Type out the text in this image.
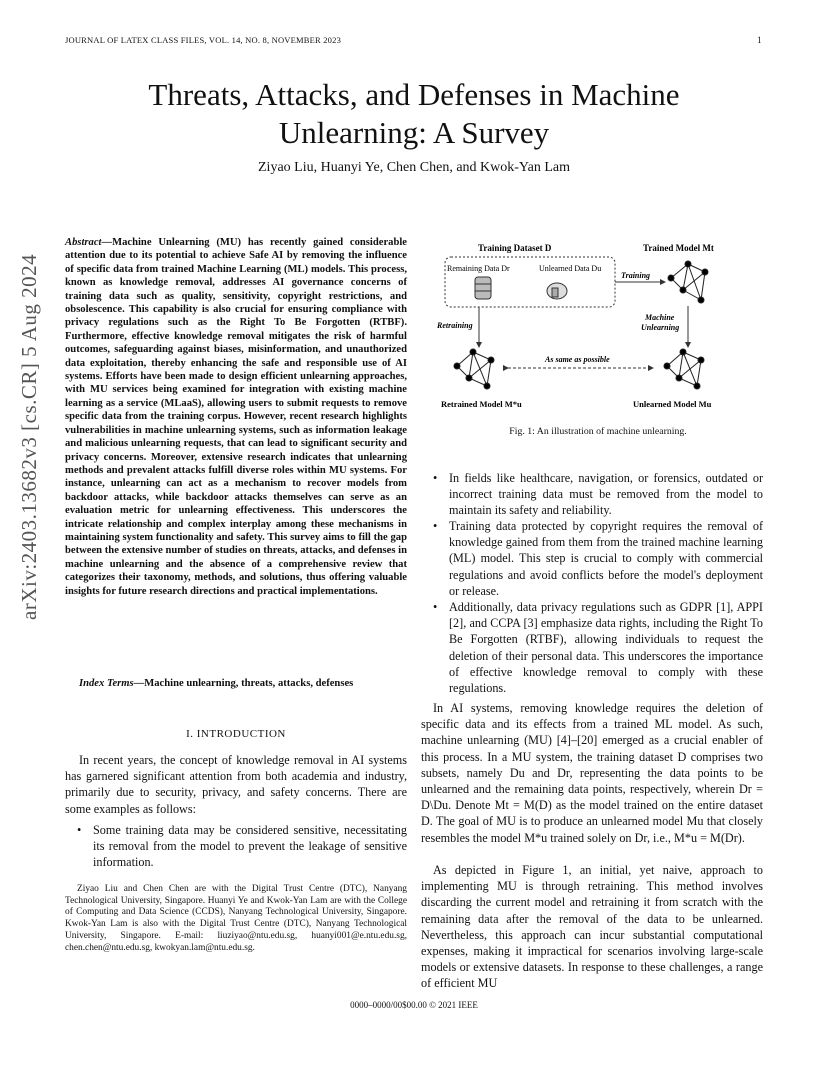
JOURNAL OF LATEX CLASS FILES, VOL. 14, NO. 8, NOVEMBER 2023	1
Threats, Attacks, and Defenses in Machine
Unlearning: A Survey
Ziyao Liu, Huanyi Ye, Chen Chen, and Kwok-Yan Lam
arXiv:2403.13682v3 [cs.CR] 5 Aug 2024
Abstract—Machine Unlearning (MU) has recently gained considerable attention due to its potential to achieve Safe AI by removing the influence of specific data from trained Machine Learning (ML) models. This process, known as knowledge removal, addresses AI governance concerns of training data such as quality, sensitivity, copyright restrictions, and obsolescence. This capability is also crucial for ensuring compliance with privacy regulations such as the Right To Be Forgotten (RTBF). Furthermore, effective knowledge removal mitigates the risk of harmful outcomes, safeguarding against biases, misinformation, and unauthorized data exploitation, thereby enhancing the safe and responsible use of AI systems. Efforts have been made to design efficient unlearning approaches, with MU services being examined for integration with existing machine learning as a service (MLaaS), allowing users to submit requests to remove specific data from the training corpus. However, recent research highlights vulnerabilities in machine unlearning systems, such as information leakage and malicious unlearning requests, that can lead to significant security and privacy concerns. Moreover, extensive research indicates that unlearning methods and prevalent attacks fulfill diverse roles within MU systems. For instance, unlearning can act as a mechanism to recover models from backdoor attacks, while backdoor attacks themselves can serve as an evaluation metric for unlearning effectiveness. This underscores the intricate relationship and complex interplay among these mechanisms in maintaining system functionality and safety. This survey aims to fill the gap between the extensive number of studies on threats, attacks, and defenses in machine unlearning and the absence of a comprehensive review that categorizes their taxonomy, methods, and solutions, thus offering valuable insights for future research directions and practical implementations.
Index Terms—Machine unlearning, threats, attacks, defenses
I. INTRODUCTION
In recent years, the concept of knowledge removal in AI systems has garnered significant attention from both academia and industry, primarily due to security, privacy, and safety concerns. There are some examples as follows:
• Some training data may be considered sensitive, necessitating its removal from the model to prevent the leakage of sensitive information.
Ziyao Liu and Chen Chen are with the Digital Trust Centre (DTC), Nanyang Technological University, Singapore. Huanyi Ye and Kwok-Yan Lam are with the College of Computing and Data Science (CCDS), Nanyang Technological University, Singapore. Kwok-Yan Lam is also with the Digital Trust Centre (DTC), Nanyang Technological University, Singapore. E-mail: liuziyao@ntu.edu.sg, huanyi001@e.ntu.edu.sg, chen.chen@ntu.edu.sg, kwokyan.lam@ntu.edu.sg.
Training Dataset D	Trained Model Mt
Remaining Data Dr	Unlearned Data Du
Training
Retraining
Machine
Unlearning
As same as possible
Retrained Model M*u	Unlearned Model Mu
Fig. 1: An illustration of machine unlearning.
• In fields like healthcare, navigation, or forensics, outdated or incorrect training data must be removed from the model to maintain its safety and reliability.
• Training data protected by copyright requires the removal of knowledge gained from them from the trained machine learning (ML) model. This step is crucial to comply with commercial regulations and avoid conflicts before the model's deployment or release.
• Additionally, data privacy regulations such as GDPR [1], APPI [2], and CCPA [3] emphasize data rights, including the Right To Be Forgotten (RTBF), allowing individuals to request the deletion of their personal data. This underscores the importance of effective knowledge removal to comply with these regulations.
In AI systems, removing knowledge requires the deletion of specific data and its effects from a trained ML model. As such, machine unlearning (MU) [4]–[20] emerged as a crucial enabler of this process. In a MU system, the training dataset D comprises two subsets, namely Du and Dr, representing the data points to be unlearned and the remaining data points, respectively, wherein Dr = D\Du. Denote Mt = M(D) as the model trained on the entire dataset D. The goal of MU is to produce an unlearned model Mu that closely resembles the model M*u trained solely on Dr, i.e., M*u = M(Dr).
As depicted in Figure 1, an initial, yet naive, approach to implementing MU is through retraining. This method involves discarding the current model and retraining it from scratch with the remaining data after the removal of the data to be unlearned. Nevertheless, this approach can incur substantial computational expenses, making it impractical for scenarios involving large-scale models or extensive datasets. In response to these challenges, a range of efficient MU
0000–0000/00$00.00 © 2021 IEEE
